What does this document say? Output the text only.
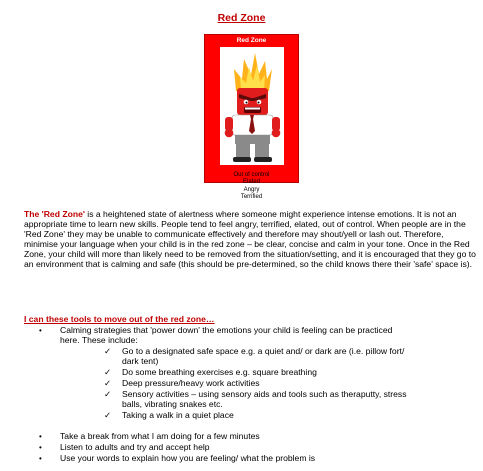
Red Zone
Red Zone
Out of control
Elated
Angry
Terrified

The 'Red Zone' is a heightened state of alertness where someone might experience intense emotions. It is not an appropriate time to learn new skills. People tend to feel angry, terrified, elated, out of control. When people are in the 'Red Zone' they may be unable to communicate effectively and therefore may shout/yell or lash out. Therefore, minimise your language when your child is in the red zone – be clear, concise and calm in your tone. Once in the Red Zone, your child will more than likely need to be removed from the situation/setting, and it is encouraged that they go to an environment that is calming and safe (this should be pre-determined, so the child knows there their 'safe' space is).

I can these tools to move out of the red zone…
• Calming strategies that 'power down' the emotions your child is feeling can be practiced
here. These include:
✓ Go to a designated safe space e.g. a quiet and/ or dark are (i.e. pillow fort/
dark tent)
✓ Do some breathing exercises e.g. square breathing
✓ Deep pressure/heavy work activities
✓ Sensory activities – using sensory aids and tools such as theraputty, stress
balls, vibrating snakes etc.
✓ Taking a walk in a quiet place
• Take a break from what I am doing for a few minutes
• Listen to adults and try and accept help
• Use your words to explain how you are feeling/ what the problem is
